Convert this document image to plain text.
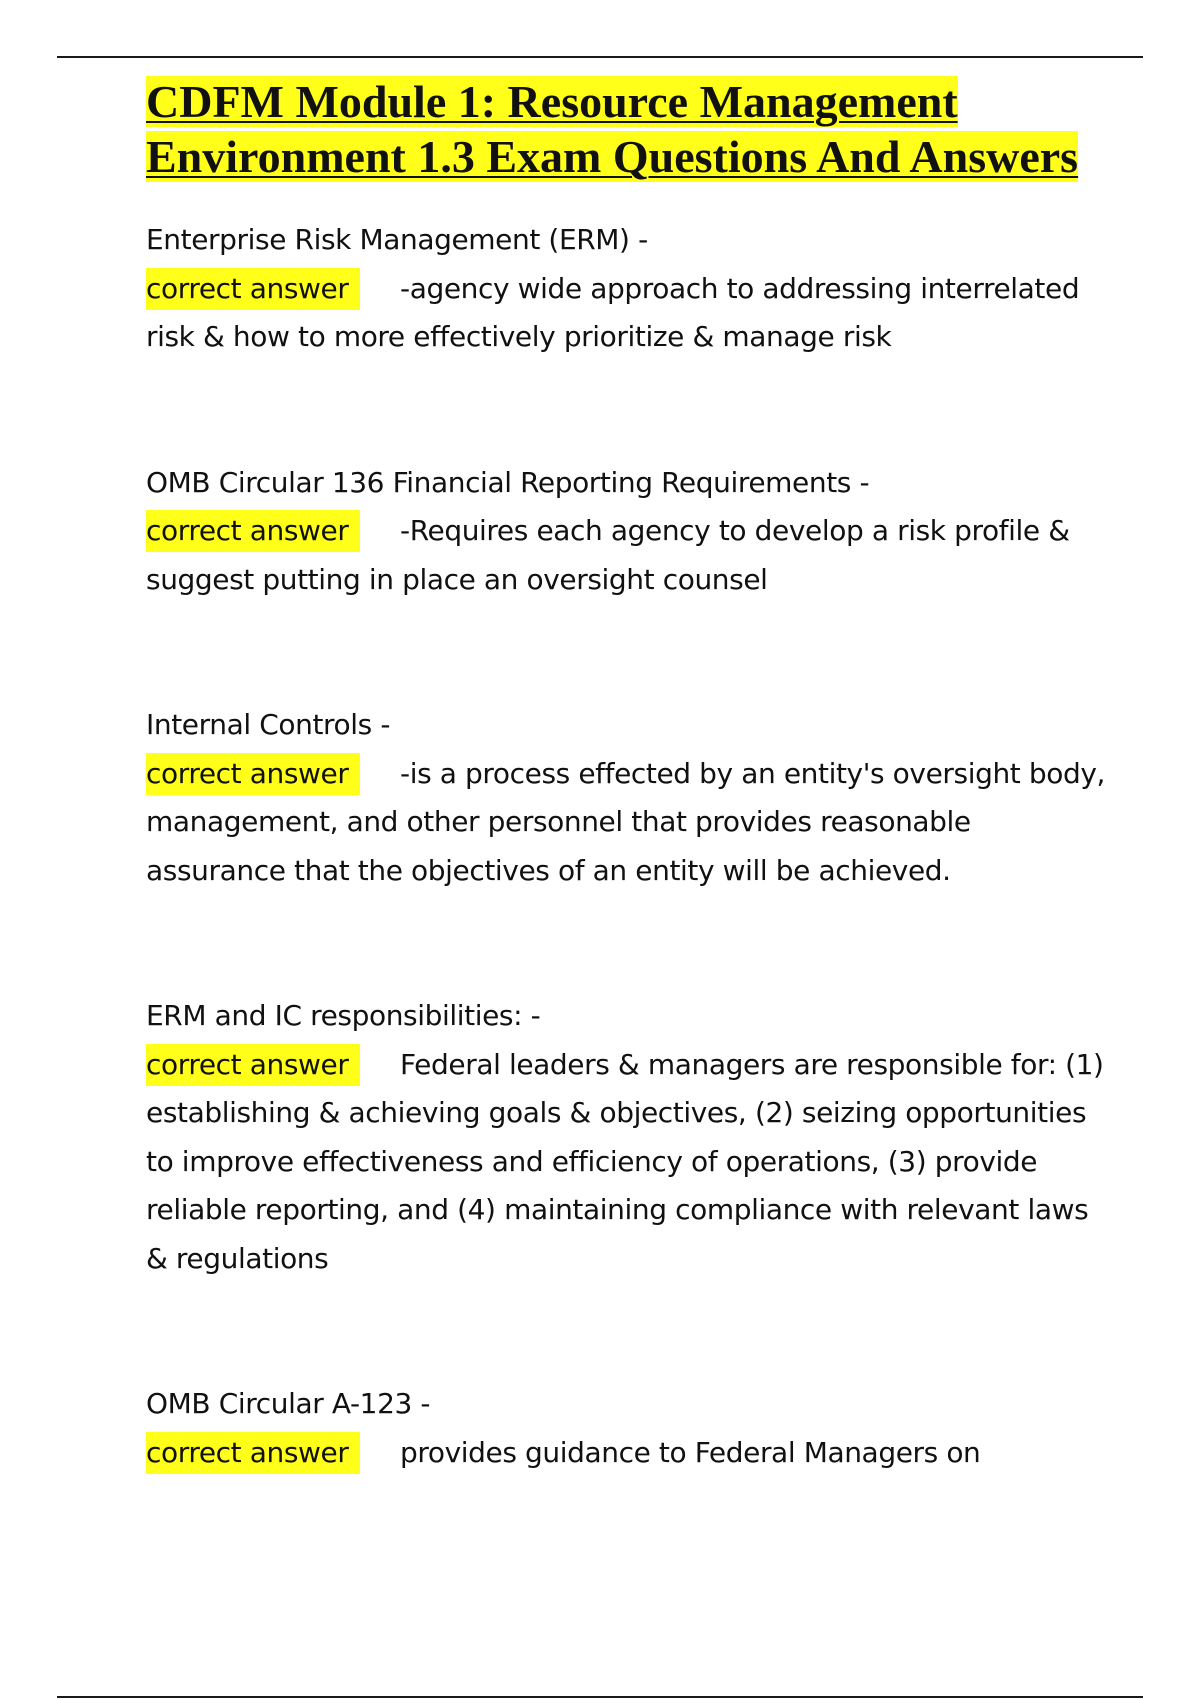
CDFM Module 1: Resource Management Environment 1.3 Exam Questions And Answers

Enterprise Risk Management (ERM) -

correct answer -agency wide approach to addressing interrelated risk & how to more effectively prioritize & manage risk

OMB Circular 136 Financial Reporting Requirements -

correct answer -Requires each agency to develop a risk profile & suggest putting in place an oversight counsel

Internal Controls -

correct answer -is a process effected by an entity's oversight body, management, and other personnel that provides reasonable assurance that the objectives of an entity will be achieved.

ERM and IC responsibilities: -

correct answer Federal leaders & managers are responsible for: (1) establishing & achieving goals & objectives, (2) seizing opportunities to improve effectiveness and efficiency of operations, (3) provide reliable reporting, and (4) maintaining compliance with relevant laws & regulations

OMB Circular A-123 -

correct answer provides guidance to Federal Managers on
